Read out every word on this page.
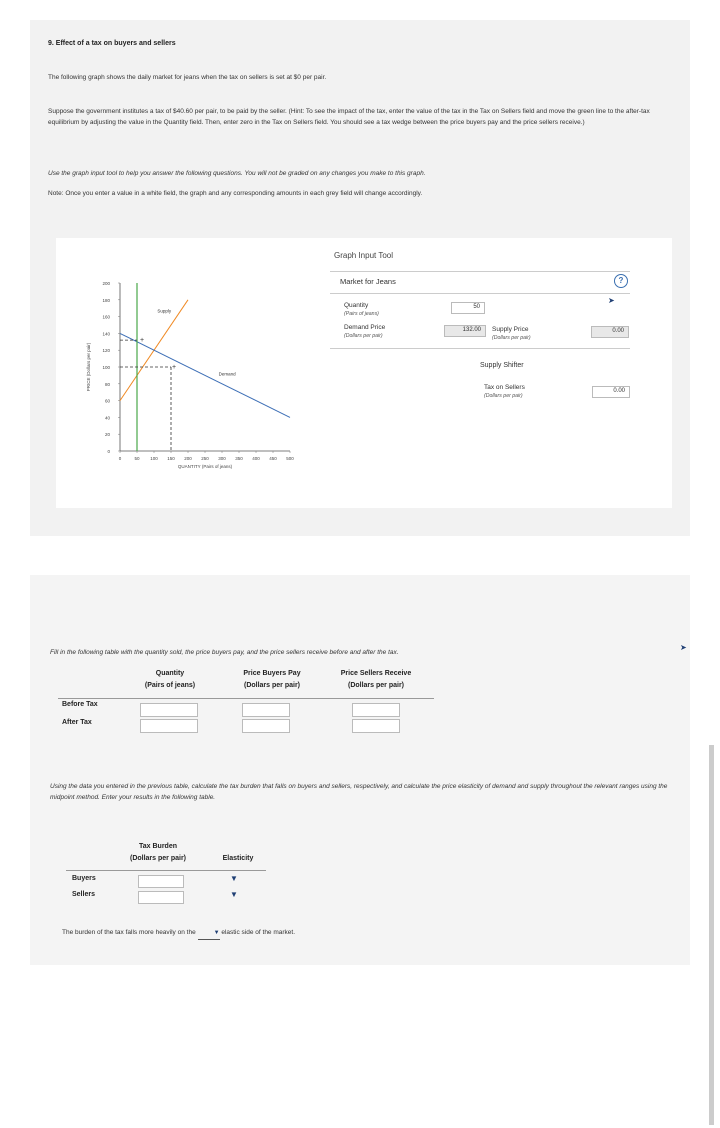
9. Effect of a tax on buyers and sellers
The following graph shows the daily market for jeans when the tax on sellers is set at $0 per pair.
Suppose the government institutes a tax of $40.60 per pair, to be paid by the seller. (Hint: To see the impact of the tax, enter the value of the tax in the Tax on Sellers field and move the green line to the after-tax equilibrium by adjusting the value in the Quantity field. Then, enter zero in the Tax on Sellers field. You should see a tax wedge between the price buyers pay and the price sellers receive.)
Use the graph input tool to help you answer the following questions. You will not be graded on any changes you make to this graph.
Note: Once you enter a value in a white field, the graph and any corresponding amounts in each grey field will change accordingly.
0
20
40
60
80
100
120
140
160
180
200
0	50 100 150 200 250 300 350 400 450 500
PRICE (Dollars per pair)
QUANTITY (Pairs of jeans)
Supply
Demand
+
+
Graph Input Tool
Market for Jeans
Quantity
(Pairs of jeans)
50
Demand Price
(Dollars per pair)
132.00 Supply Price
(Dollars per pair)
0.00
Supply Shifter
Tax on Sellers
(Dollars per pair)
0.00
?
➤
Fill in the following table with the quantity sold, the price buyers pay, and the price sellers receive before and after the tax.
➤
Quantity
(Pairs of jeans)
Price Buyers Pay
(Dollars per pair)
Price Sellers Receive
(Dollars per pair)
Before Tax
After Tax
Using the data you entered in the previous table, calculate the tax burden that falls on buyers and sellers, respectively, and calculate the price elasticity of demand and supply throughout the relevant ranges using the midpoint method. Enter your results in the following table.
Tax Burden
(Dollars per pair)	Elasticity
Buyers
Sellers
▼
▼
The burden of the tax falls more heavily on the	▼ elastic side of the market.
